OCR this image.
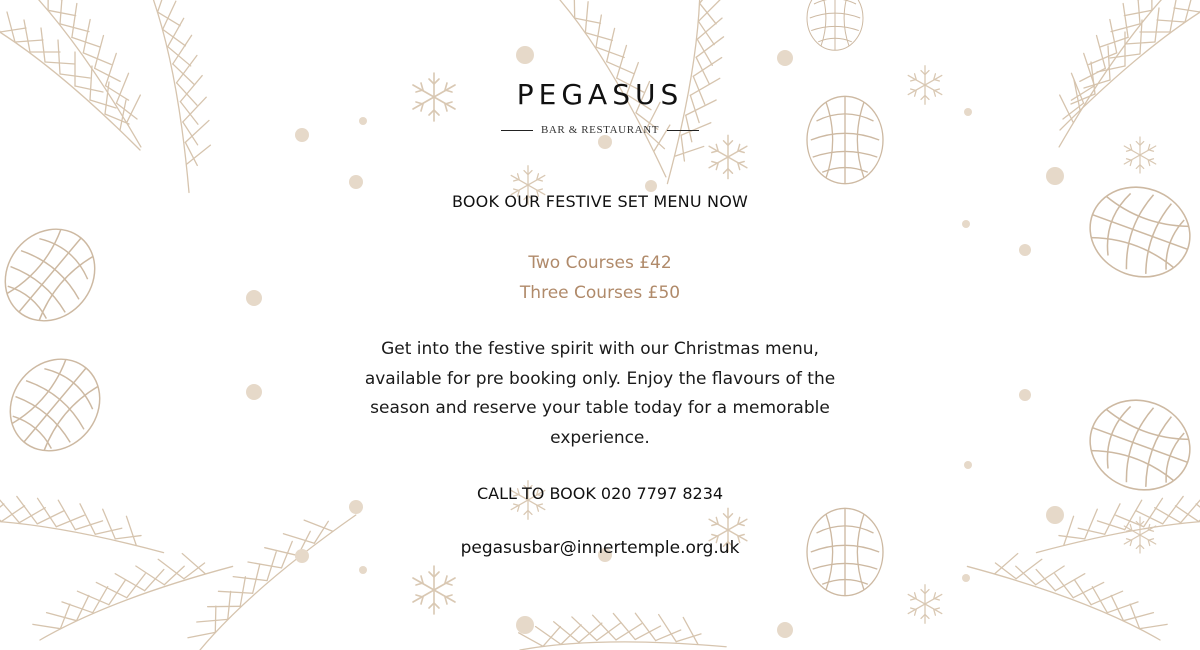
PEGASUS
BAR & RESTAURANT
BOOK OUR FESTIVE SET MENU NOW
Two Courses £42
Three Courses £50
Get into the festive spirit with our Christmas menu, available for pre booking only. Enjoy the flavours of the season and reserve your table today for a memorable experience.
CALL TO BOOK 020 7797 8234
pegasusbar@innertemple.org.uk
